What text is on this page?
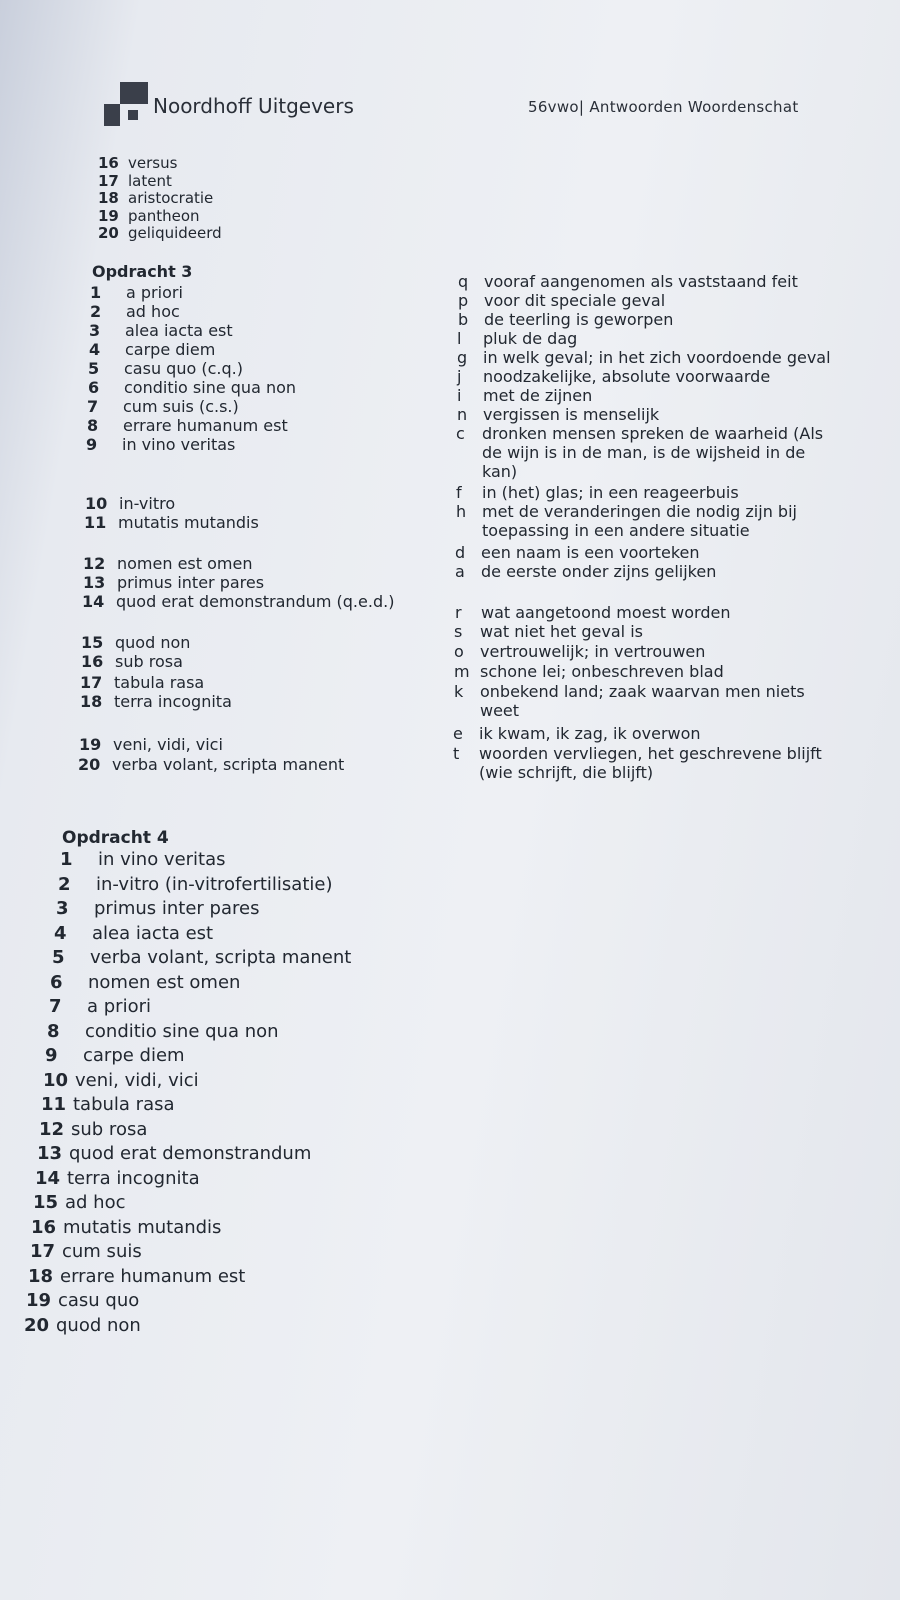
Noordhoff Uitgevers	56vwo| Antwoorden Woordenschat
16 versus
17 latent
18 aristocratie
19 pantheon
20 geliquideerd
Opdracht 3
1 a priori
2 ad hoc
3 alea iacta est
4 carpe diem
5 casu quo (c.q.)
6 conditio sine qua non
7 cum suis (c.s.)
8 errare humanum est
9 in vino veritas
10 in-vitro
11 mutatis mutandis
12 nomen est omen
13 primus inter pares
14 quod erat demonstrandum (q.e.d.)
15 quod non
16 sub rosa
17 tabula rasa
18 terra incognita
19 veni, vidi, vici
20 verba volant, scripta manent
q vooraf aangenomen als vaststaand feit
p voor dit speciale geval
b de teerling is geworpen
l	pluk de dag
g in welk geval; in het zich voordoende geval
j	noodzakelijke, absolute voorwaarde
i	met de zijnen
n vergissen is menselijk
c	dronken mensen spreken de waarheid (Als
de wijn is in de man, is de wijsheid in de
kan)
f	in (het) glas; in een reageerbuis
h met de veranderingen die nodig zijn bij
toepassing in een andere situatie
d een naam is een voorteken
a	de eerste onder zijns gelijken
r	wat aangetoond moest worden
s	wat niet het geval is
o	vertrouwelijk; in vertrouwen
m schone lei; onbeschreven blad
k	onbekend land; zaak waarvan men niets
weet
e	ik kwam, ik zag, ik overwon
t	woorden vervliegen, het geschrevene blijft
(wie schrijft, die blijft)
Opdracht 4
1 in vino veritas
2 in-vitro (in-vitrofertilisatie)
3 primus inter pares
4 alea iacta est
5 verba volant, scripta manent
6 nomen est omen
7 a priori
8 conditio sine qua non
9 carpe diem
10 veni, vidi, vici
11 tabula rasa
12 sub rosa
13 quod erat demonstrandum
14 terra incognita
15 ad hoc
16 mutatis mutandis
17 cum suis
18 errare humanum est
19 casu quo
20 quod non
